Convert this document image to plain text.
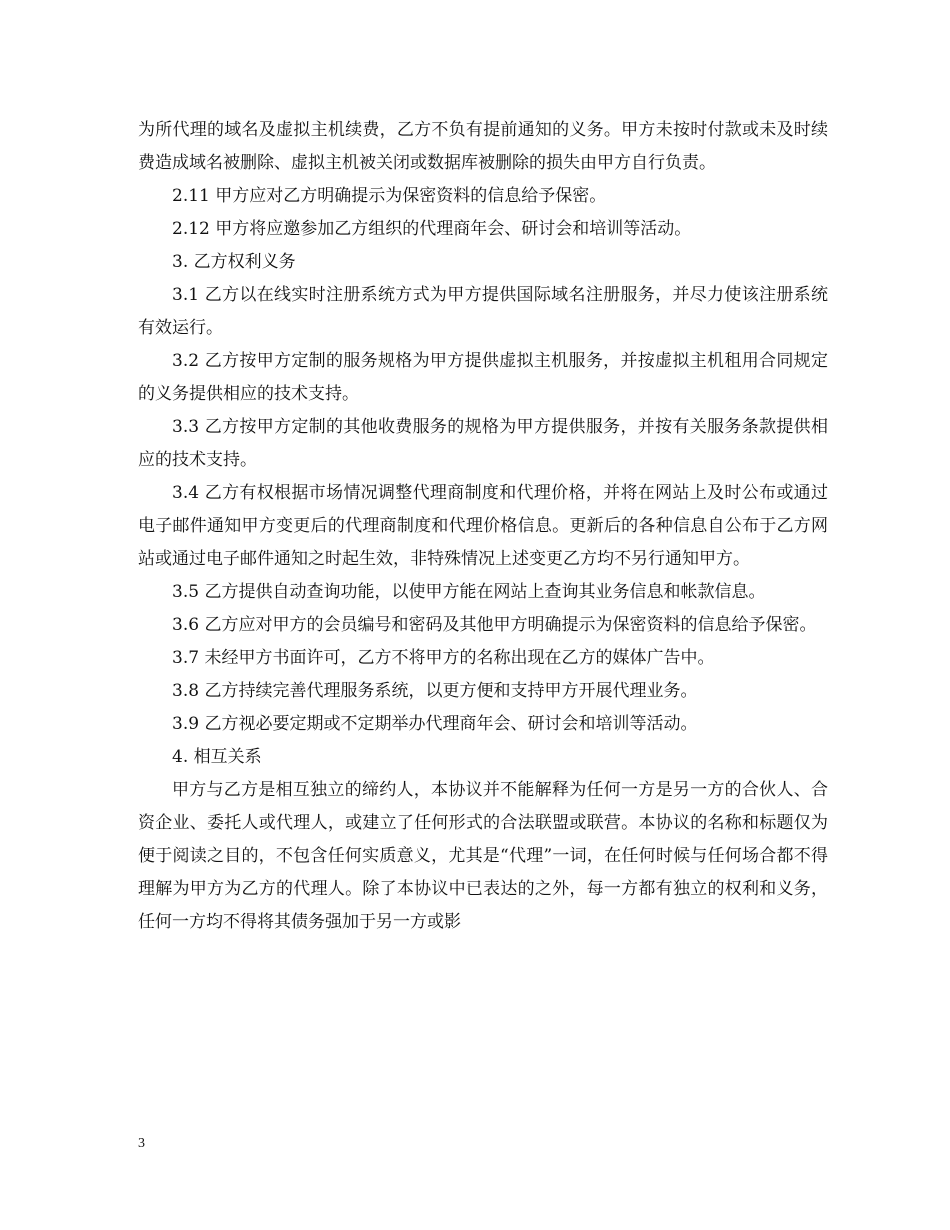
为所代理的域名及虚拟主机续费，乙方不负有提前通知的义务。甲方未按时付款或未及时续费造成域名被删除、虚拟主机被关闭或数据库被删除的损失由甲方自行负责。

2.11 甲方应对乙方明确提示为保密资料的信息给予保密。

2.12 甲方将应邀参加乙方组织的代理商年会、研讨会和培训等活动。

3. 乙方权利义务

3.1 乙方以在线实时注册系统方式为甲方提供国际域名注册服务，并尽力使该注册系统有效运行。

3.2 乙方按甲方定制的服务规格为甲方提供虚拟主机服务，并按虚拟主机租用合同规定的义务提供相应的技术支持。

3.3 乙方按甲方定制的其他收费服务的规格为甲方提供服务，并按有关服务条款提供相应的技术支持。

3.4 乙方有权根据市场情况调整代理商制度和代理价格，并将在网站上及时公布或通过电子邮件通知甲方变更后的代理商制度和代理价格信息。更新后的各种信息自公布于乙方网站或通过电子邮件通知之时起生效，非特殊情况上述变更乙方均不另行通知甲方。

3.5 乙方提供自动查询功能，以使甲方能在网站上查询其业务信息和帐款信息。

3.6 乙方应对甲方的会员编号和密码及其他甲方明确提示为保密资料的信息给予保密。

3.7 未经甲方书面许可，乙方不将甲方的名称出现在乙方的媒体广告中。

3.8 乙方持续完善代理服务系统，以更方便和支持甲方开展代理业务。

3.9 乙方视必要定期或不定期举办代理商年会、研讨会和培训等活动。

4. 相互关系

甲方与乙方是相互独立的缔约人，本协议并不能解释为任何一方是另一方的合伙人、合资企业、委托人或代理人，或建立了任何形式的合法联盟或联营。本协议的名称和标题仅为便于阅读之目的，不包含任何实质意义，尤其是“代理”一词，在任何时候与任何场合都不得理解为甲方为乙方的代理人。除了本协议中已表达的之外，每一方都有独立的权利和义务，任何一方均不得将其债务强加于另一方或影

3
